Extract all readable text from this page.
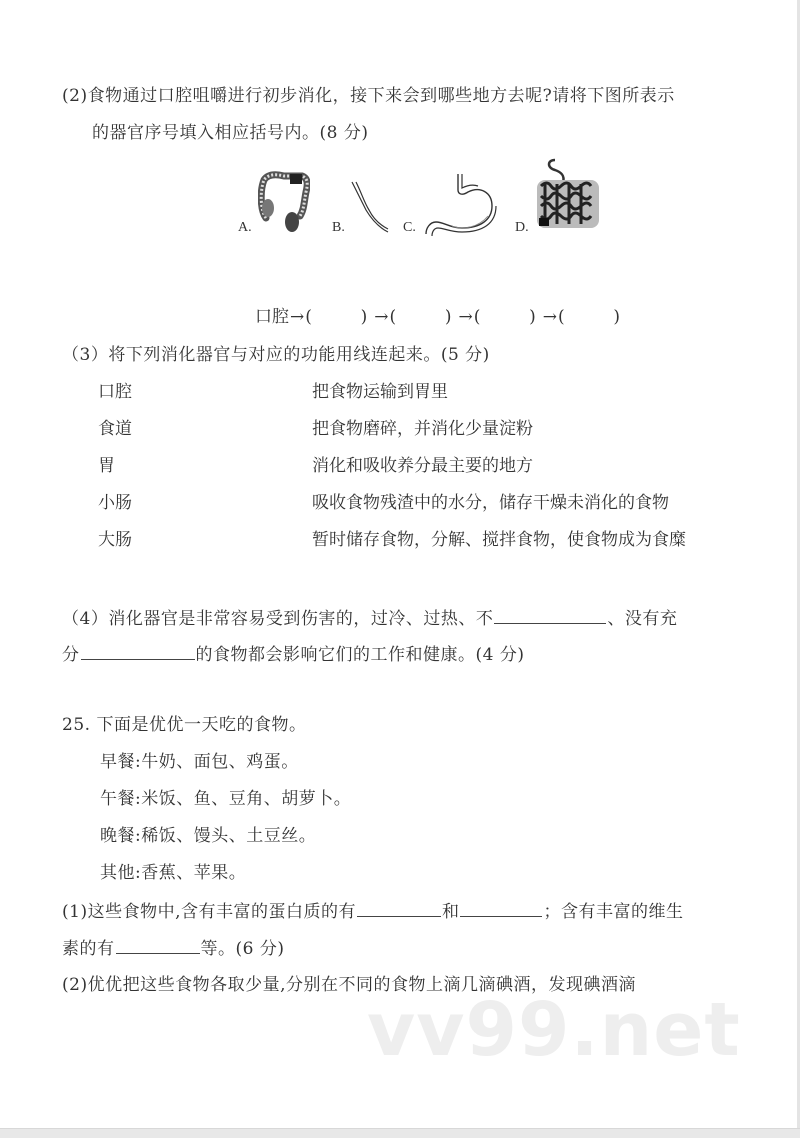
(2)食物通过口腔咀嚼进行初步消化，接下来会到哪些地方去呢?请将下图所表示
的器官序号填入相应括号内。(8 分)
A.	B.	C.	D.
口腔→ (
	) → (
	) → (
	) → (
	)
（3）将下列消化器官与对应的功能用线连起来。(5 分)
口腔
食道
胃
小肠
大肠
把食物运输到胃里
把食物磨碎，并消化少量淀粉
消化和吸收养分最主要的地方
吸收食物残渣中的水分，储存干燥未消化的食物
暂时储存食物，分解、搅拌食物，使食物成为食糜
（4）消化器官是非常容易受到伤害的，过冷、过热、不	、没有充
分	的食物都会影响它们的工作和健康。(4 分)
25. 下面是优优一天吃的食物。
早餐:牛奶、面包、鸡蛋。
午餐:米饭、鱼、豆角、胡萝卜。
晚餐:稀饭、馒头、土豆丝。
其他:香蕉、苹果。
(1)这些食物中,含有丰富的蛋白质的有	和	；含有丰富的维生
素的有	等。(6 分)
(2)优优把这些食物各取少量,分别在不同的食物上滴几滴碘酒，发现碘酒滴
vv99.net
